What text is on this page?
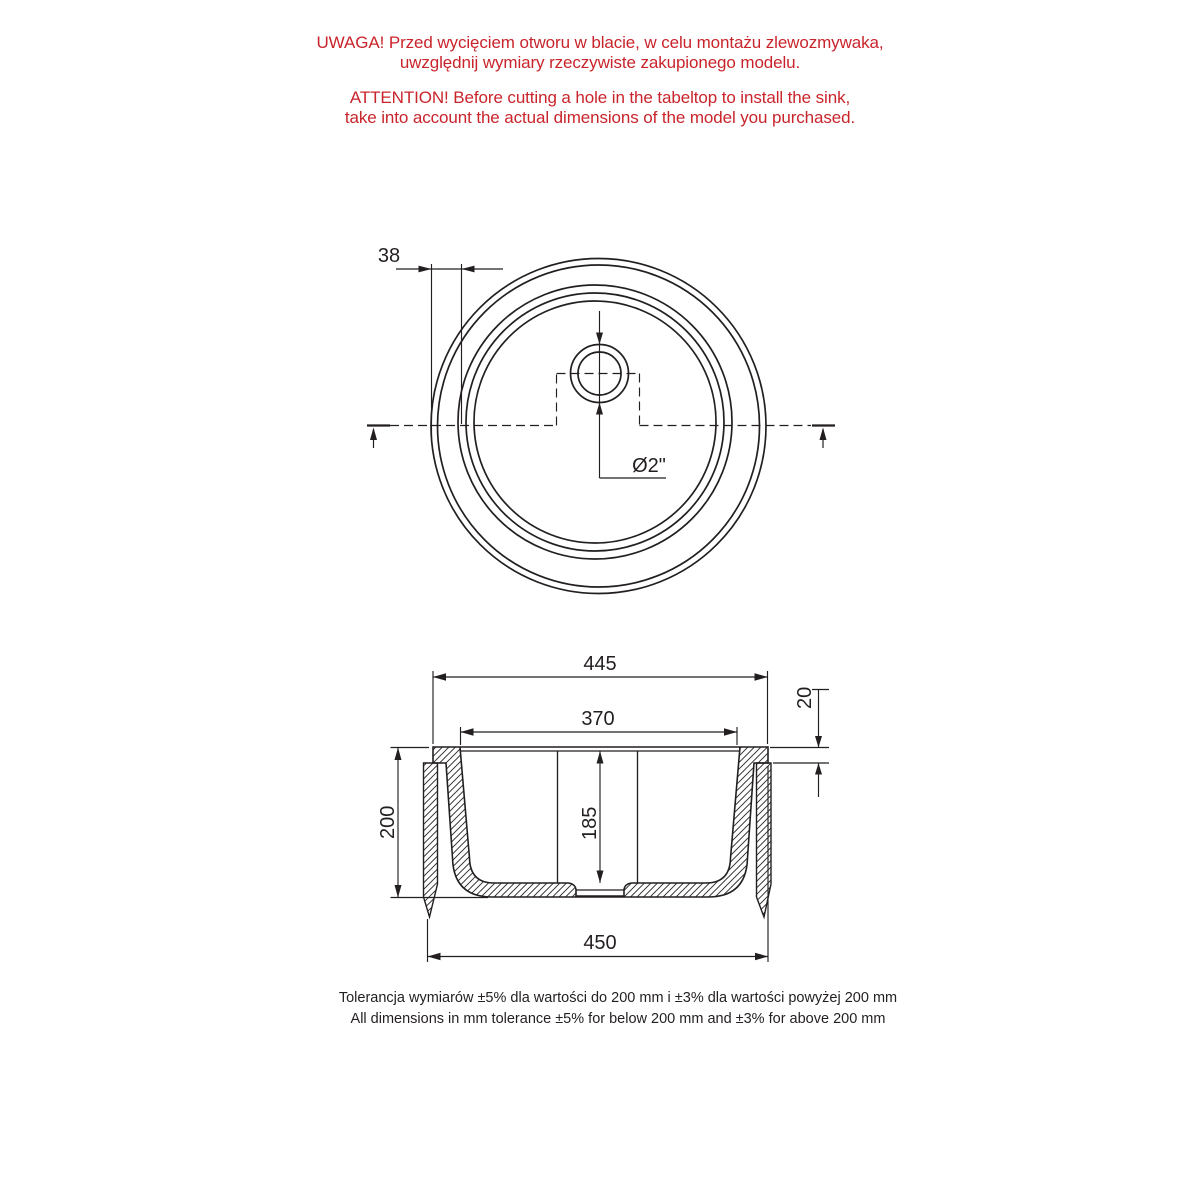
UWAGA! Przed wycięciem otworu w blacie, w celu montażu zlewozmywaka,
uwzględnij wymiary rzeczywiste zakupionego modelu.
ATTENTION! Before cutting a hole in the tabeltop to install the sink,
take into account the actual dimensions of the model you purchased.
38
Ø2"
445
370
20
200	185
450
Tolerancja wymiarów ±5% dla wartości do 200 mm i ±3% dla wartości powyżej 200 mm
All dimensions in mm tolerance ±5% for below 200 mm and ±3% for above 200 mm
